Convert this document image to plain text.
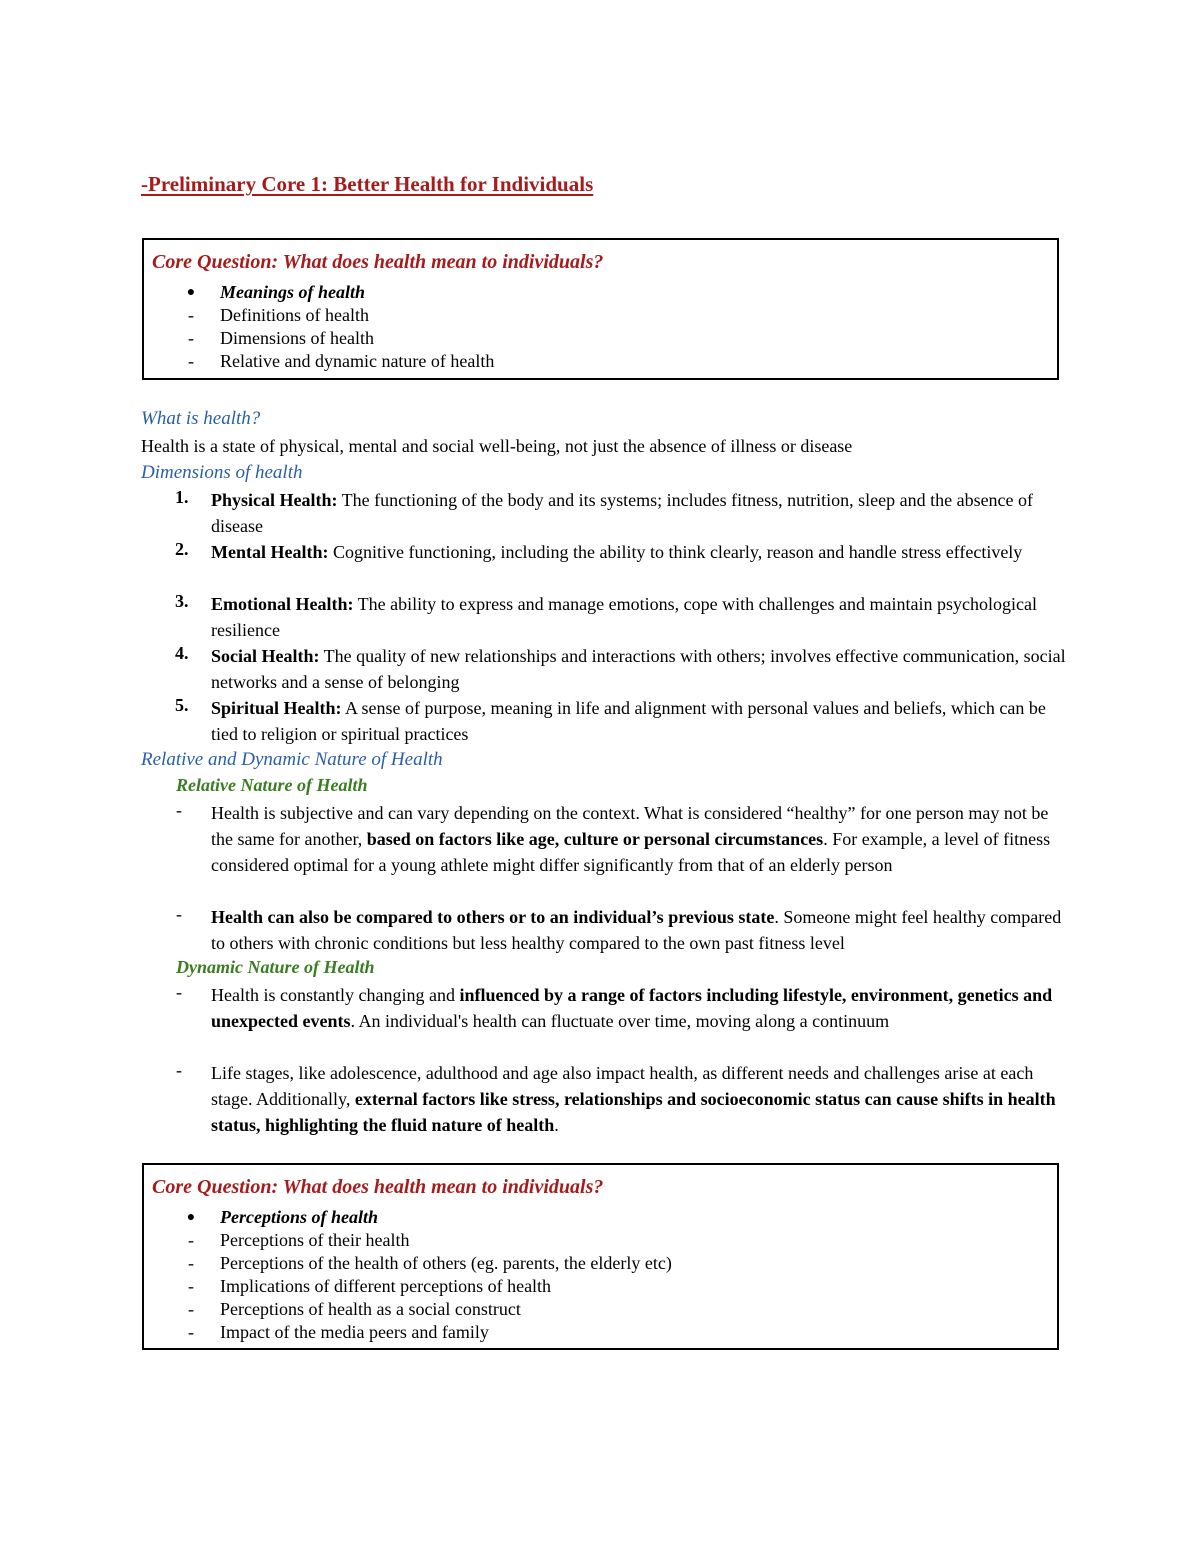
-Preliminary Core 1: Better Health for Individuals
Core Question: What does health mean to individuals?
● Meanings of health
- Definitions of health
- Dimensions of health
- Relative and dynamic nature of health
What is health?
Health is a state of physical, mental and social well-being, not just the absence of illness or disease
Dimensions of health
1. Physical Health: The functioning of the body and its systems; includes fitness, nutrition, sleep and the absence of disease
2. Mental Health: Cognitive functioning, including the ability to think clearly, reason and handle stress effectively
3. Emotional Health: The ability to express and manage emotions, cope with challenges and maintain psychological resilience
4. Social Health: The quality of new relationships and interactions with others; involves effective communication, social networks and a sense of belonging
5. Spiritual Health: A sense of purpose, meaning in life and alignment with personal values and beliefs, which can be tied to religion or spiritual practices
Relative and Dynamic Nature of Health
Relative Nature of Health
- Health is subjective and can vary depending on the context. What is considered “healthy” for one person may not be the same for another, based on factors like age, culture or personal circumstances. For example, a level of fitness considered optimal for a young athlete might differ significantly from that of an elderly person
- Health can also be compared to others or to an individual’s previous state. Someone might feel healthy compared to others with chronic conditions but less healthy compared to the own past fitness level
Dynamic Nature of Health
- Health is constantly changing and influenced by a range of factors including lifestyle, environment, genetics and unexpected events. An individual's health can fluctuate over time, moving along a continuum
- Life stages, like adolescence, adulthood and age also impact health, as different needs and challenges arise at each stage. Additionally, external factors like stress, relationships and socioeconomic status can cause shifts in health status, highlighting the fluid nature of health.
Core Question: What does health mean to individuals?
● Perceptions of health
- Perceptions of their health
- Perceptions of the health of others (eg. parents, the elderly etc)
- Implications of different perceptions of health
- Perceptions of health as a social construct
- Impact of the media peers and family
